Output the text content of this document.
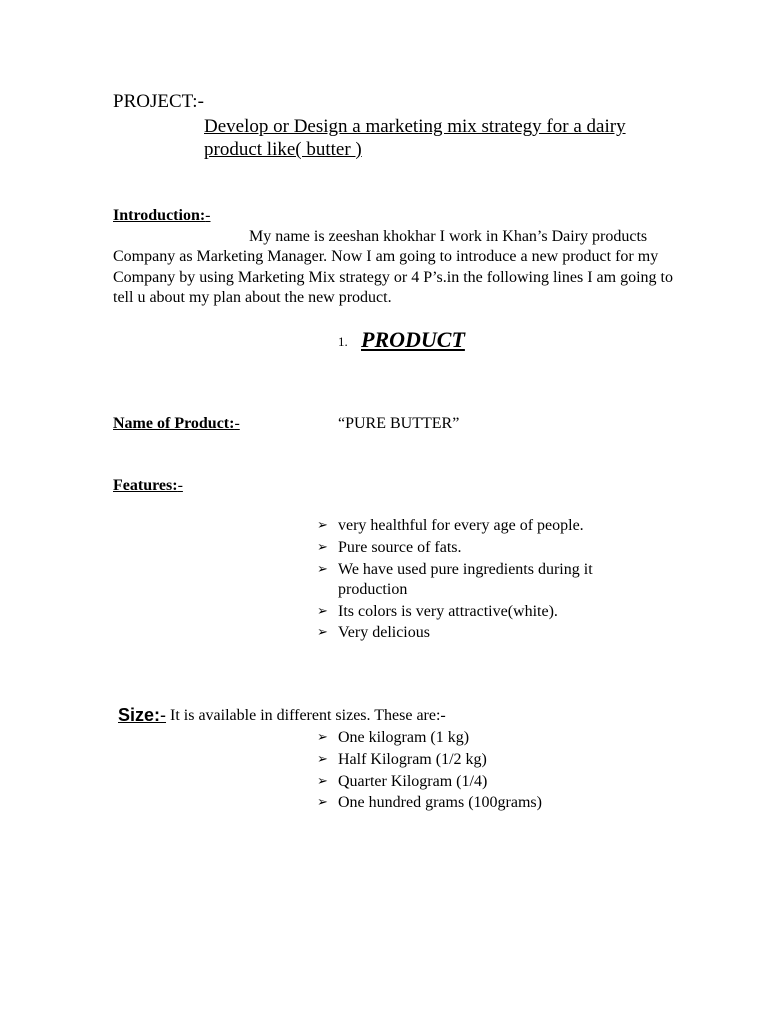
PROJECT:-
Develop or Design a marketing mix strategy for a dairy product like( butter )
Introduction:-
My name is zeeshan khokhar I work in Khan’s Dairy products Company as Marketing Manager. Now I am going to introduce a new product for my Company by using Marketing Mix strategy or 4 P’s.in the following lines I am going to tell u about my plan about the new product.
1. PRODUCT
Name of Product:-	“PURE BUTTER”
Features:-
➢ very healthful for every age of people.
➢ Pure source of fats.
➢ We have used pure ingredients during it production
➢ Its colors is very attractive(white).
➢ Very delicious
Size:- It is available in different sizes. These are:-
➢ One kilogram (1 kg)
➢ Half Kilogram (1/2 kg)
➢ Quarter Kilogram (1/4)
➢ One hundred grams (100grams)
